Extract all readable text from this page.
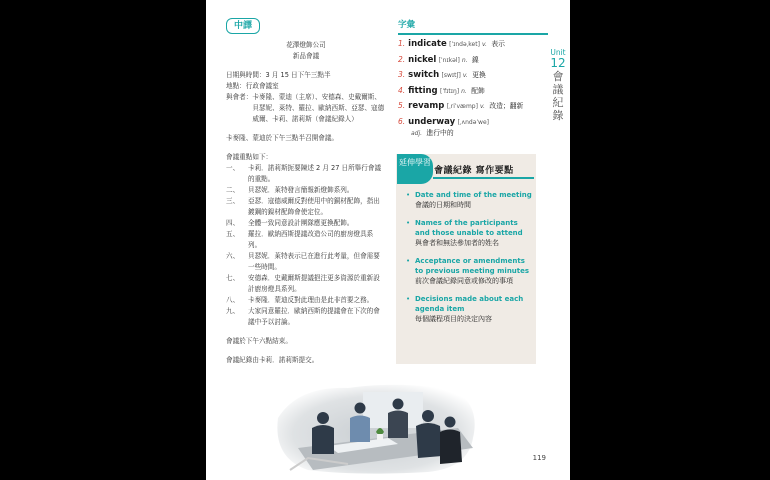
中譯
花澤燈飾公司
新品會議
日期與時間：3 月 15 日下午三點半
地點：行政會議室
與會者： 卡麥隆、蒙迪（主席）、安德森、史戴爾斯、貝瑟妮、萊特、羅拉、歐納西斯、亞瑟、寇德威爾、卡莉、諾莉斯（會議紀錄人）
卡麥隆、蒙迪於下午三點半召開會議。
會議重點如下：
一、	卡莉．諾莉斯扼要陳述 2 月 27 日所舉行會議的重點。
二、	貝瑟妮．萊特發言簡報新燈飾系列。
三、	亞瑟．寇德威爾反對使用中的銅材配飾，指出鍍鋼的鎳材配飾會使定位。
四、	全體一致同意設計團隊應更換配飾。
五、	羅拉．歐納西斯提議改造公司的廚房燈具系列。
六、	貝瑟妮．萊特表示已在進行此考量，但會需要一些時間。
七、	安德森．史戴爾斯提議挹注更多資源於重新設計廚房燈具系列。
八、	卡麥隆．蒙迪反對此理由是此非首要之務。
九、	大家同意羅拉．歐納西斯的提議會在下次的會議中予以討論。
會議於下午六點結束。
會議紀錄由卡莉．諾莉斯提交。
字彙
1. indicate [ˈɪndəˌket] v. 表示
2. nickel [ˈnɪkəl] n. 鎳
3. switch [swɪtʃ] v. 更換
4. fitting [ˈfɪtɪŋ] n. 配飾
5. revamp [ˌriˈvæmp] v. 改造；翻新
6. underway [ˌʌndəˈwe]
adj. 進行中的
Unit
12
會議紀錄
延伸學習
會議紀錄 寫作要點
• Date and time of the meeting
會議的日期和時間
• Names of the participants and those unable to attend
與會者和無法參加者的姓名
• Acceptance or amendments to previous meeting minutes
前次會議紀錄同意或修改的事項
• Decisions made about each agenda item
每個議程項目的決定內容
119
